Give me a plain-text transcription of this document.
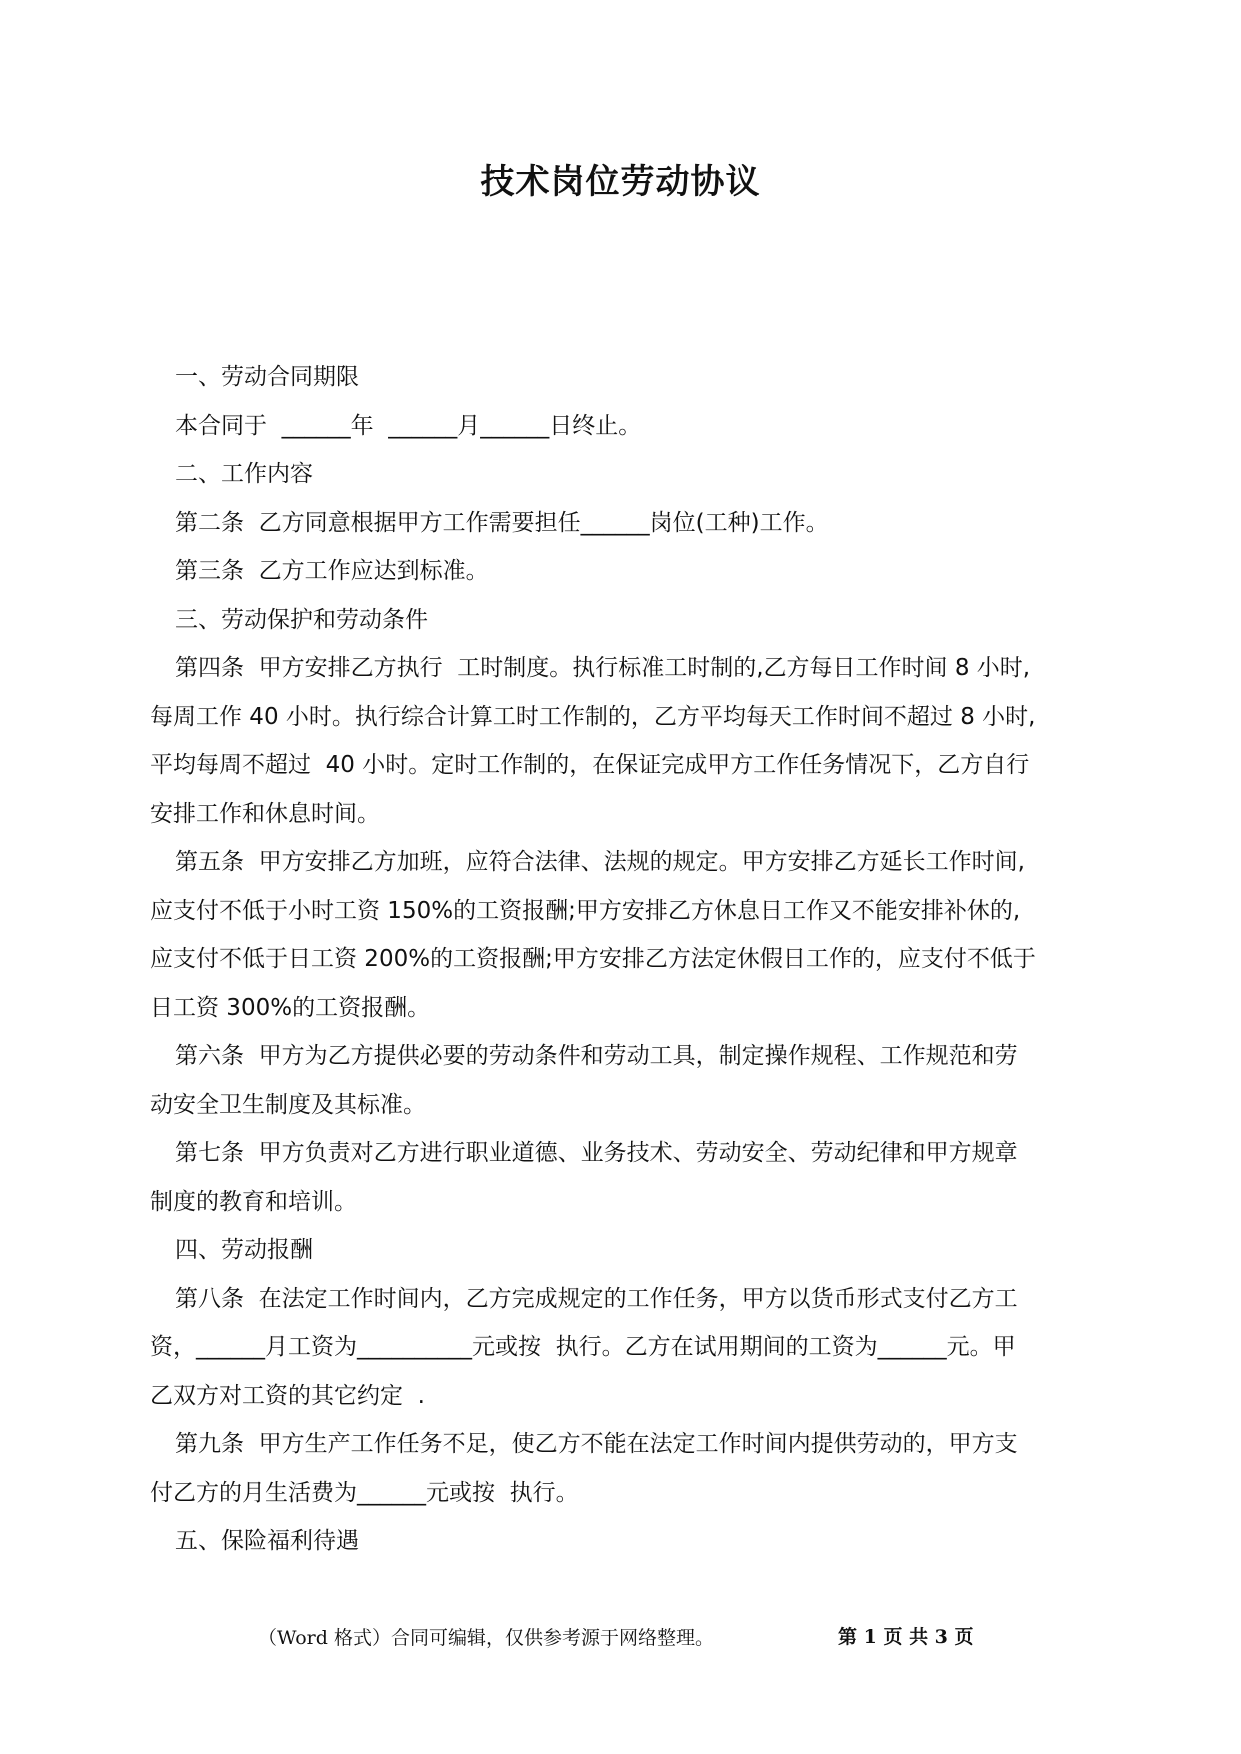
技术岗位劳动协议
一、劳动合同期限
本合同于  ______年  ______月______日终止。
二、工作内容
第二条  乙方同意根据甲方工作需要担任______岗位(工种)工作。
第三条  乙方工作应达到标准。
三、劳动保护和劳动条件
第四条  甲方安排乙方执行  工时制度。执行标准工时制的,乙方每日工作时间 8 小时,
每周工作 40 小时。执行综合计算工时工作制的，乙方平均每天工作时间不超过 8 小时,
平均每周不超过  40 小时。定时工作制的，在保证完成甲方工作任务情况下，乙方自行
安排工作和休息时间。
第五条  甲方安排乙方加班，应符合法律、法规的规定。甲方安排乙方延长工作时间,
应支付不低于小时工资 150%的工资报酬;甲方安排乙方休息日工作又不能安排补休的,
应支付不低于日工资 200%的工资报酬;甲方安排乙方法定休假日工作的，应支付不低于
日工资 300%的工资报酬。
第六条  甲方为乙方提供必要的劳动条件和劳动工具，制定操作规程、工作规范和劳
动安全卫生制度及其标准。
第七条  甲方负责对乙方进行职业道德、业务技术、劳动安全、劳动纪律和甲方规章
制度的教育和培训。
四、劳动报酬
第八条  在法定工作时间内，乙方完成规定的工作任务，甲方以货币形式支付乙方工
资，______月工资为__________元或按  执行。乙方在试用期间的工资为______元。甲
乙双方对工资的其它约定  .
第九条  甲方生产工作任务不足，使乙方不能在法定工作时间内提供劳动的，甲方支
付乙方的月生活费为______元或按  执行。
五、保险福利待遇
（Word 格式）合同可编辑，仅供参考源于网络整理。	第 1 页 共 3 页
